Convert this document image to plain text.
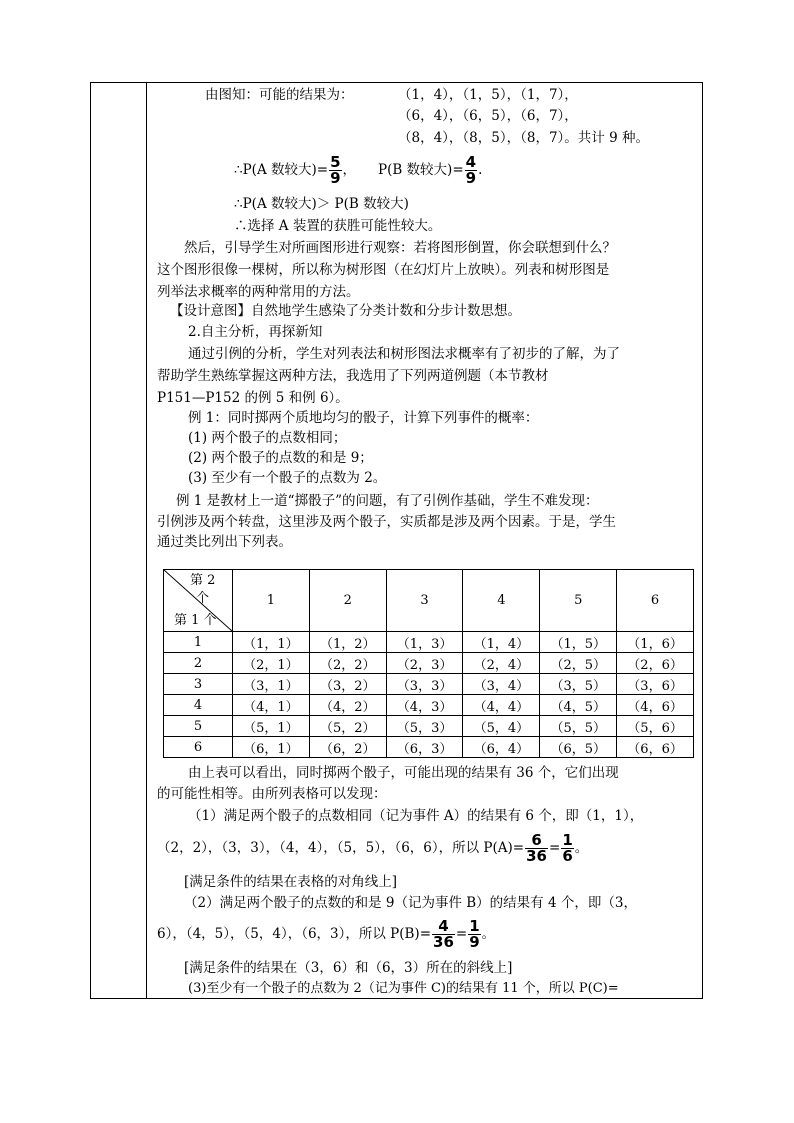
由图知：可能的结果为：	（1，4），（1，5），（1，7），
（6，4），（6，5），（6，7），
（8，4），（8，5），（8，7）。共计 9 种。
∴P(A 数较大)= $\frac{5}{9}$ ， P(B 数较大)= $\frac{4}{9}$ .
∴P(A 数较大)＞ P(B 数较大)
∴选择 A 装置的获胜可能性较大。
然后，引导学生对所画图形进行观察：若将图形倒置，你会联想到什么？
这个图形很像一棵树，所以称为树形图（在幻灯片上放映）。列表和树形图是
列举法求概率的两种常用的方法。
【设计意图】自然地学生感染了分类计数和分步计数思想。
2.自主分析，再探新知
通过引例的分析，学生对列表法和树形图法求概率有了初步的了解，为了
帮助学生熟练掌握这两种方法，我选用了下列两道例题（本节教材
P151—P152 的例 5 和例 6）。
例 1：同时掷两个质地均匀的骰子，计算下列事件的概率：
(1) 两个骰子的点数相同；
(2) 两个骰子的点数的和是 9；
(3) 至少有一个骰子的点数为 2。
例 1 是教材上一道“掷骰子”的问题，有了引例作基础，学生不难发现：
引例涉及两个转盘，这里涉及两个骰子，实质都是涉及两个因素。于是，学生
通过类比列出下列表。
第 2
个
第 1 个	1	2	3	4	5	6
1	（1，1）	（1，2）	（1，3）	（1，4）	（1，5）	（1，6）
2	（2，1）	（2，2）	（2，3）	（2，4）	（2，5）	（2，6）
3	（3，1）	（3，2）	（3，3）	（3，4）	（3，5）	（3，6）
4	（4，1）	（4，2）	（4，3）	（4，4）	（4，5）	（4，6）
5	（5，1）	（5，2）	（5，3）	（5，4）	（5，5）	（5，6）
6	（6，1）	（6，2）	（6，3）	（6，4）	（6，5）	（6，6）
由上表可以看出，同时掷两个骰子，可能出现的结果有 36 个，它们出现
的可能性相等。由所列表格可以发现：
（1）满足两个骰子的点数相同（记为事件 A）的结果有 6 个，即（1，1），
（2，2），（3，3），（4，4），（5，5），（6，6），所以 $P(A)= \frac{6}{36} = \frac{1}{6}$ 。
[满足条件的结果在表格的对角线上]
（2）满足两个骰子的点数的和是 9（记为事件 B）的结果有 4 个，即（3，
6），（4，5），（5，4），（6，3），所以 $P(B)= \frac{4}{36} = \frac{1}{9}$ 。
[满足条件的结果在（3，6）和（6，3）所在的斜线上]
(3)至少有一个骰子的点数为 2（记为事件 C)的结果有 11 个，所以 P(C)=
